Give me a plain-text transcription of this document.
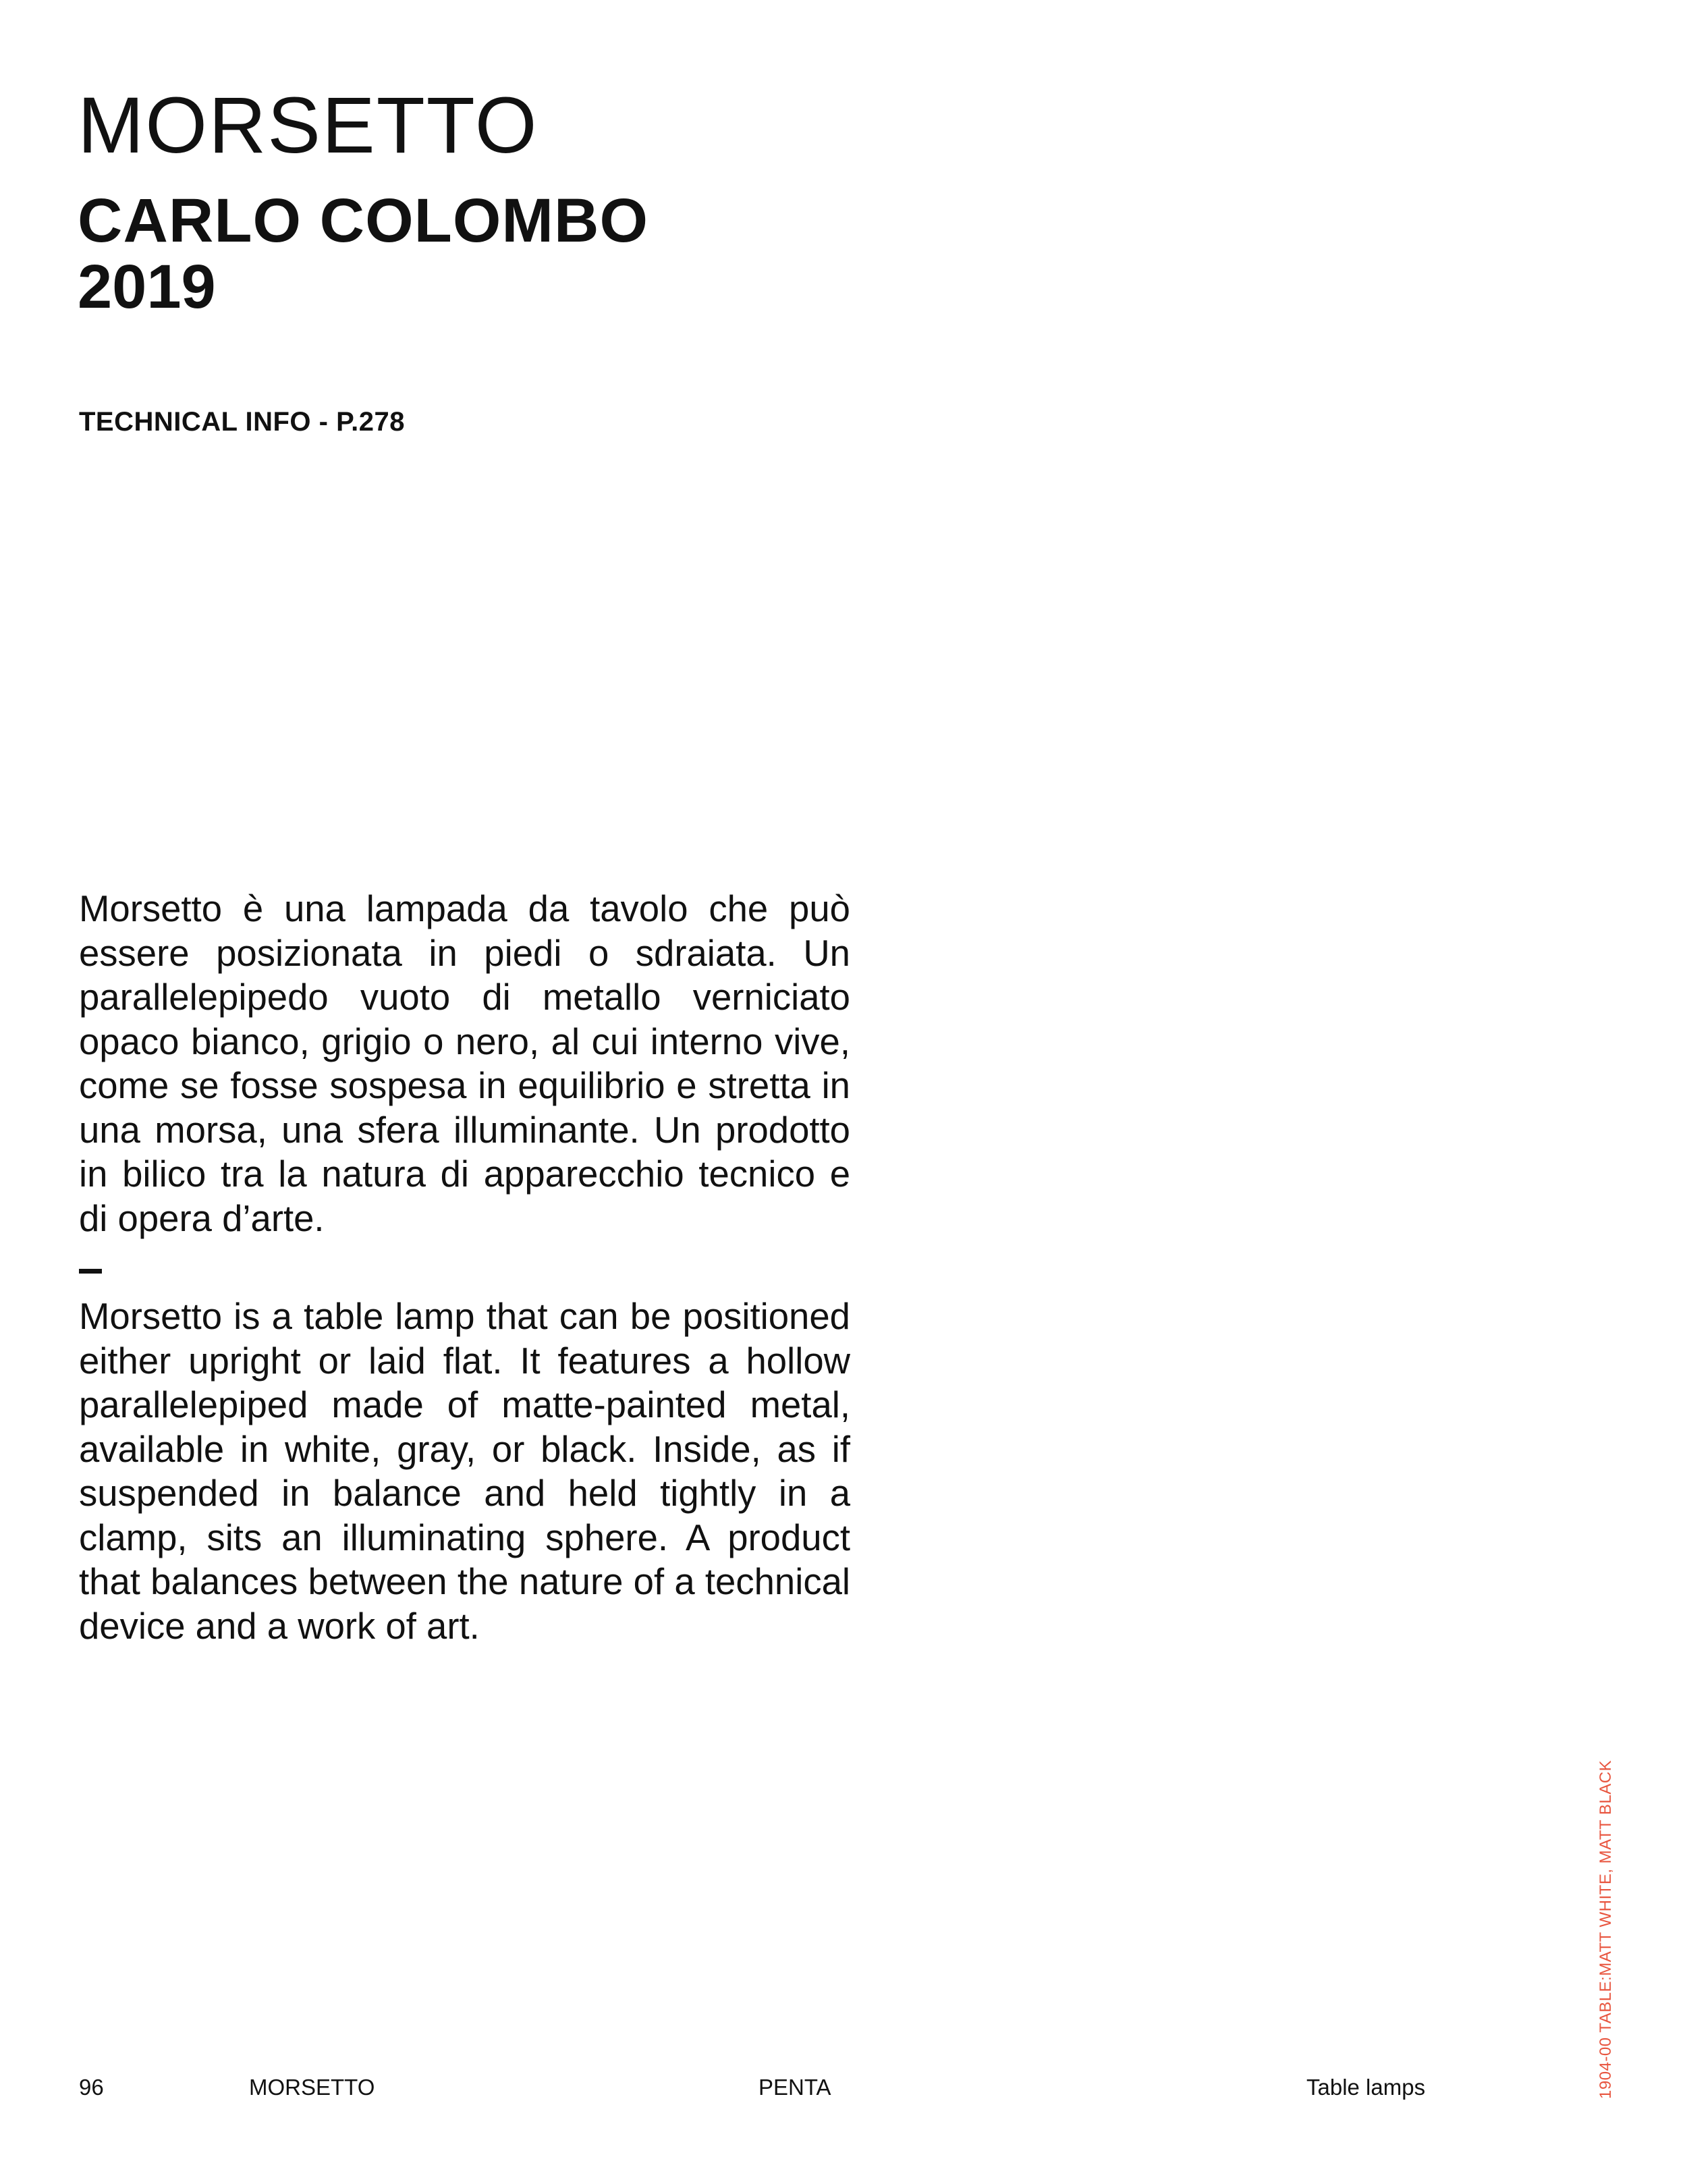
MORSETTO
CARLO COLOMBO
2019
TECHNICAL INFO - P.278

Morsetto è una lampada da tavolo che può essere posizionata in piedi o sdraiata. Un parallelepipedo vuoto di metallo verniciato opaco bianco, grigio o nero, al cui interno vive, come se fosse sospesa in equilibrio e stretta in una morsa, una sfera illuminante. Un prodotto in bilico tra la natura di apparecchio tecnico e di opera d’arte.

Morsetto is a table lamp that can be positioned either upright or laid flat. It features a hollow parallelepiped made of matte-painted metal, available in white, gray, or black. Inside, as if suspended in balance and held tightly in a clamp, sits an illuminating sphere. A product that balances between the nature of a technical device and a work of art.

96	MORSETTO	PENTA	Table lamps	1904-00 TABLE:MATT WHITE, MATT BLACK
